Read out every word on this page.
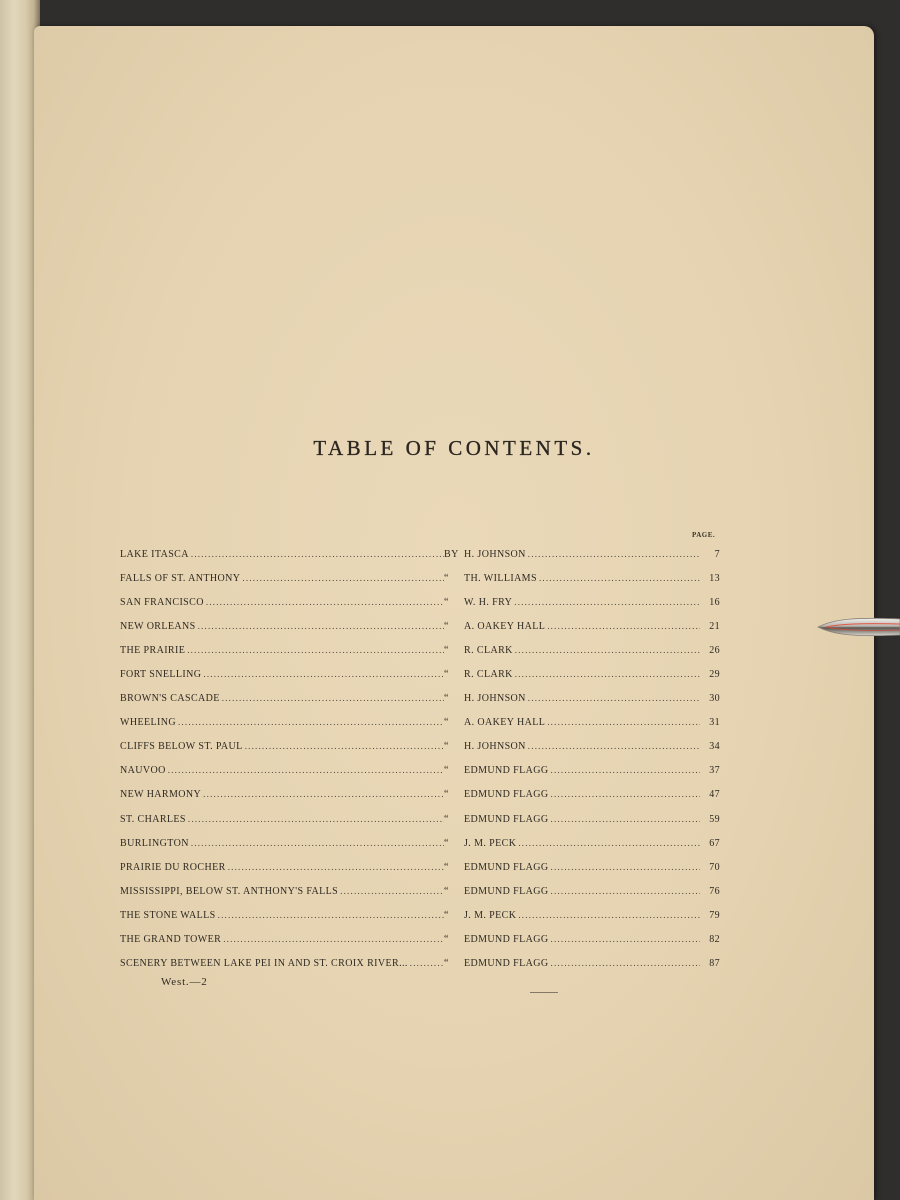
TABLE OF CONTENTS.
PAGE.
LAKE ITASCA .....	BY H. JOHNSON .....	7
FALLS OF ST. ANTHONY .....	“	TH. WILLIAMS .....	13
SAN FRANCISCO .....	“	W. H. FRY .....	16
NEW ORLEANS .....	“	A. OAKEY HALL .....	21
THE PRAIRIE .....	“	R. CLARK .....	26
FORT SNELLING .....	“	R. CLARK .....	29
BROWN'S CASCADE .....	“	H. JOHNSON .....	30
WHEELING .....	“	A. OAKEY HALL .....	31
CLIFFS BELOW ST. PAUL .....	“	H. JOHNSON .....	34
NAUVOO .....	“	EDMUND FLAGG .....	37
NEW HARMONY .....	“	EDMUND FLAGG .....	47
ST. CHARLES .....	“	EDMUND FLAGG .....	59
BURLINGTON .....	“	J. M. PECK .....	67
PRAIRIE DU ROCHER .....	“	EDMUND FLAGG .....	70
MISSISSIPPI, BELOW ST. ANTHONY'S FALLS .....	“	EDMUND FLAGG .....	76
THE STONE WALLS .....	“	J. M. PECK .....	79
THE GRAND TOWER .....	“	EDMUND FLAGG .....	82
SCENERY BETWEEN LAKE PEI IN AND ST. CROIX RIVER... .....	“	EDMUND FLAGG .....	87
West.—2
